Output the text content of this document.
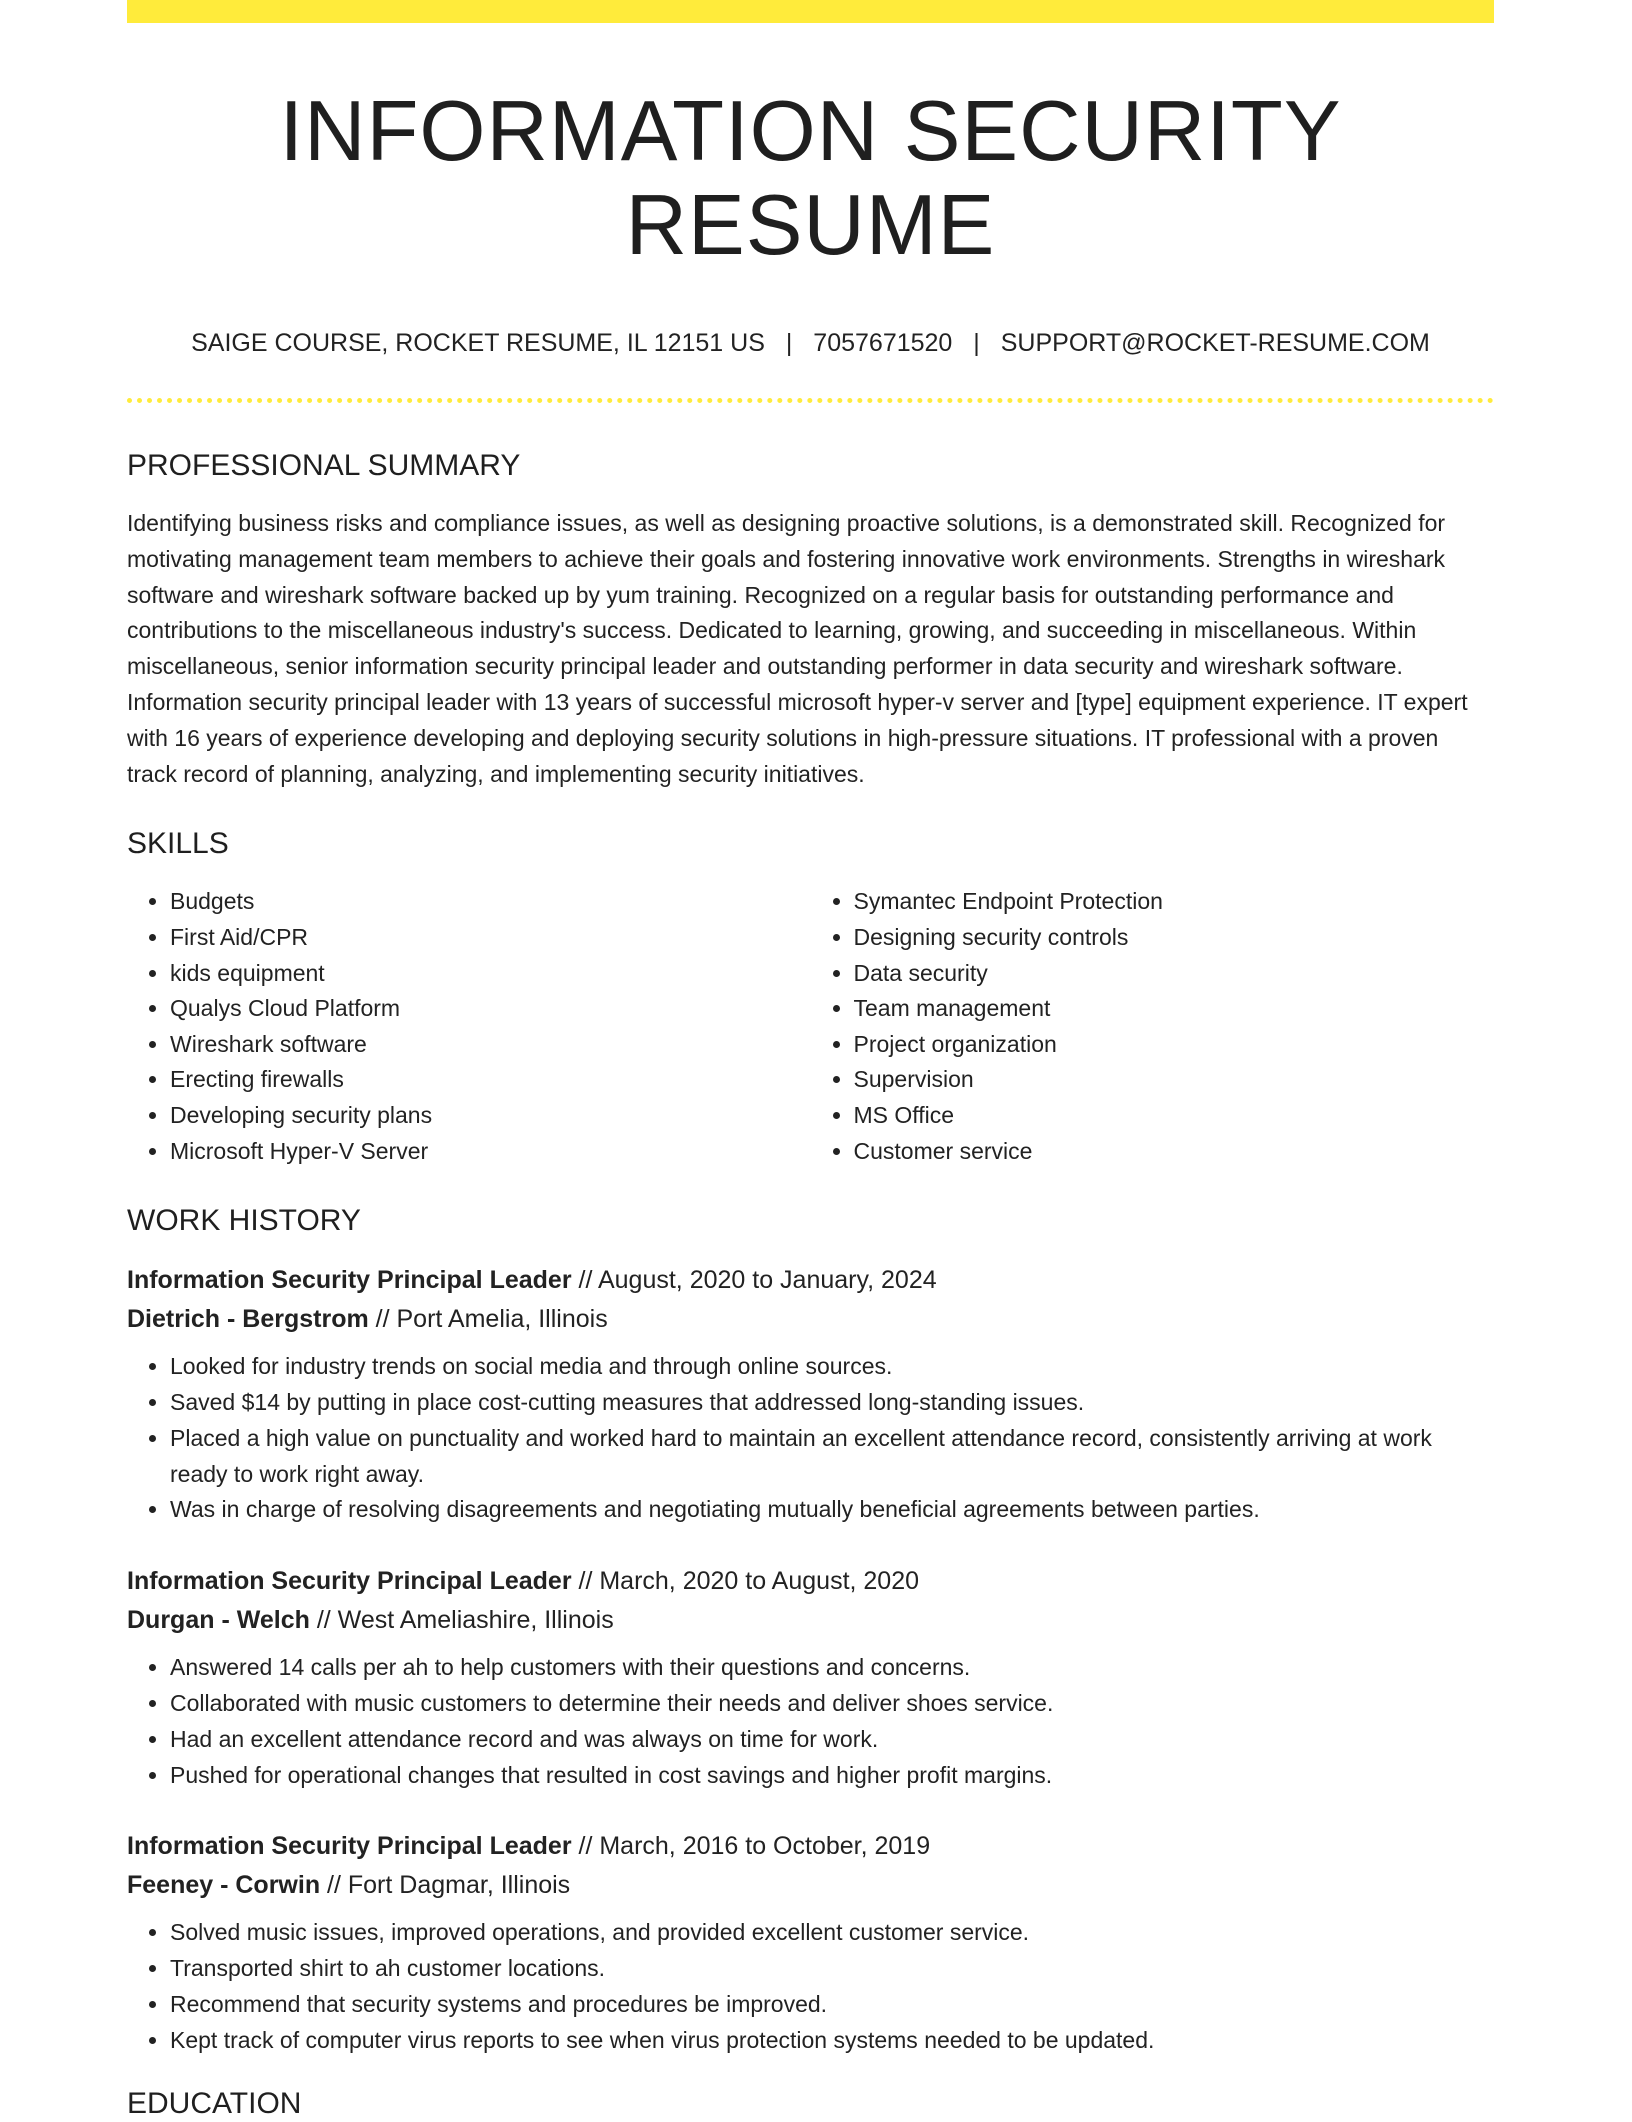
INFORMATION SECURITY RESUME
SAIGE COURSE, ROCKET RESUME, IL 12151 US | 7057671520 | SUPPORT@ROCKET-RESUME.COM
PROFESSIONAL SUMMARY

Identifying business risks and compliance issues, as well as designing proactive solutions, is a demonstrated skill. Recognized for motivating management team members to achieve their goals and fostering innovative work environments. Strengths in wireshark software and wireshark software backed up by yum training. Recognized on a regular basis for outstanding performance and contributions to the miscellaneous industry's success. Dedicated to learning, growing, and succeeding in miscellaneous. Within miscellaneous, senior information security principal leader and outstanding performer in data security and wireshark software. Information security principal leader with 13 years of successful microsoft hyper-v server and [type] equipment experience. IT expert with 16 years of experience developing and deploying security solutions in high-pressure situations. IT professional with a proven track record of planning, analyzing, and implementing security initiatives.

SKILLS
• Budgets
• First Aid/CPR
• kids equipment
• Qualys Cloud Platform
• Wireshark software
• Erecting firewalls
• Developing security plans
• Microsoft Hyper-V Server
• Symantec Endpoint Protection
• Designing security controls
• Data security
• Team management
• Project organization
• Supervision
• MS Office
• Customer service
WORK HISTORY
Information Security Principal Leader // August, 2020 to January, 2024
Dietrich - Bergstrom // Port Amelia, Illinois
• Looked for industry trends on social media and through online sources.
• Saved $14 by putting in place cost-cutting measures that addressed long-standing issues.
• Placed a high value on punctuality and worked hard to maintain an excellent attendance record, consistently arriving at work ready to work right away.
• Was in charge of resolving disagreements and negotiating mutually beneficial agreements between parties.
Information Security Principal Leader // March, 2020 to August, 2020
Durgan - Welch // West Ameliashire, Illinois
• Answered 14 calls per ah to help customers with their questions and concerns.
• Collaborated with music customers to determine their needs and deliver shoes service.
• Had an excellent attendance record and was always on time for work.
• Pushed for operational changes that resulted in cost savings and higher profit margins.
Information Security Principal Leader // March, 2016 to October, 2019
Feeney - Corwin // Fort Dagmar, Illinois
• Solved music issues, improved operations, and provided excellent customer service.
• Transported shirt to ah customer locations.
• Recommend that security systems and procedures be improved.
• Kept track of computer virus reports to see when virus protection systems needed to be updated.
EDUCATION
